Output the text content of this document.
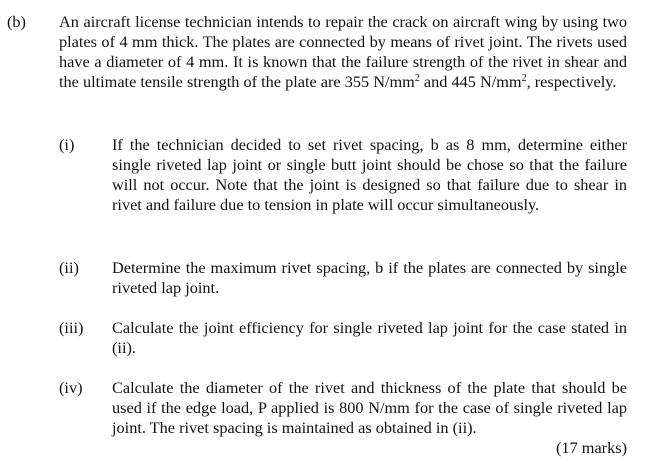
(b) An aircraft license technician intends to repair the crack on aircraft wing by using two plates of 4 mm thick. The plates are connected by means of rivet joint. The rivets used have a diameter of 4 mm. It is known that the failure strength of the rivet in shear and the ultimate tensile strength of the plate are 355 $N/mm^2$ and 445 $N/mm^2$, respectively.
(i) If the technician decided to set rivet spacing, b as 8 mm, determine either single riveted lap joint or single butt joint should be chose so that the failure will not occur. Note that the joint is designed so that failure due to shear in rivet and failure due to tension in plate will occur simultaneously.
(ii) Determine the maximum rivet spacing, b if the plates are connected by single riveted lap joint.
(iii) Calculate the joint efficiency for single riveted lap joint for the case stated in (ii).
(iv) Calculate the diameter of the rivet and thickness of the plate that should be used if the edge load, P applied is 800 N/mm for the case of single riveted lap joint. The rivet spacing is maintained as obtained in (ii).
(17 marks)
